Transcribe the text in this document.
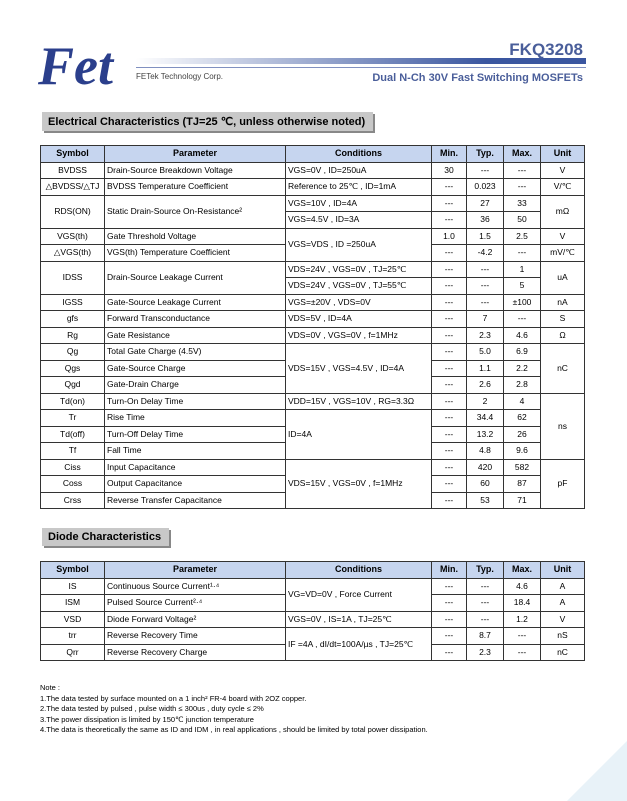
Fet	FETek Technology Corp.
FKQ3208
Dual N-Ch 30V Fast Switching MOSFETs
Electrical Characteristics (TJ=25 ℃, unless otherwise noted)
Symbol	Parameter	Conditions	Min.	Typ.	Max.	Unit
BVDSS	Drain-Source Breakdown Voltage	VGS=0V , ID=250uA	30	---	---	V
△BVDSS/△TJ	BVDSS Temperature Coefficient	Reference to 25℃ , ID=1mA	---	0.023	---	V/℃
RDS(ON)	Static Drain-Source On-Resistance²	VGS=10V , ID=4A	---	27	33	mΩ
		VGS=4.5V , ID=3A	---	36	50	
VGS(th)	Gate Threshold Voltage	VGS=VDS , ID =250uA	1.0	1.5	2.5	V
△VGS(th)	VGS(th) Temperature Coefficient		---	-4.2	---	mV/℃
IDSS	Drain-Source Leakage Current	VDS=24V , VGS=0V , TJ=25℃	---	---	1	uA
		VDS=24V , VGS=0V , TJ=55℃	---	---	5	
IGSS	Gate-Source Leakage Current	VGS=±20V , VDS=0V	---	---	±100	nA
gfs	Forward Transconductance	VDS=5V , ID=4A	---	7	---	S
Rg	Gate Resistance	VDS=0V , VGS=0V , f=1MHz	---	2.3	4.6	Ω
Qg	Total Gate Charge (4.5V)	VDS=15V , VGS=4.5V , ID=4A	---	5.0	6.9	nC
Qgs	Gate-Source Charge		---	1.1	2.2	
Qgd	Gate-Drain Charge		---	2.6	2.8	
Td(on)	Turn-On Delay Time	VDD=15V , VGS=10V , RG=3.3Ω	---	2	4	ns
Tr	Rise Time	ID=4A	---	34.4	62	
Td(off)	Turn-Off Delay Time		---	13.2	26	
Tf	Fall Time		---	4.8	9.6	
Ciss	Input Capacitance	VDS=15V , VGS=0V , f=1MHz	---	420	582	pF
Coss	Output Capacitance		---	60	87	
Crss	Reverse Transfer Capacitance		---	53	71	
Diode Characteristics
Symbol	Parameter	Conditions	Min.	Typ.	Max.	Unit
IS	Continuous Source Current¹·⁴	VG=VD=0V , Force Current	---	---	4.6	A
ISM	Pulsed Source Current²·⁴		---	---	18.4	A
VSD	Diode Forward Voltage²	VGS=0V , IS=1A , TJ=25℃	---	---	1.2	V
trr	Reverse Recovery Time	IF =4A , dI/dt=100A/µs , TJ=25℃	---	8.7	---	nS
Qrr	Reverse Recovery Charge		---	2.3	---	nC
Note :
1.The data tested by surface mounted on a 1 inch² FR-4 board with 2OZ copper.
2.The data tested by pulsed , pulse width ≤ 300us , duty cycle ≤ 2%
3.The power dissipation is limited by 150℃ junction temperature
4.The data is theoretically the same as ID and IDM , in real applications , should be limited by total power dissipation.
